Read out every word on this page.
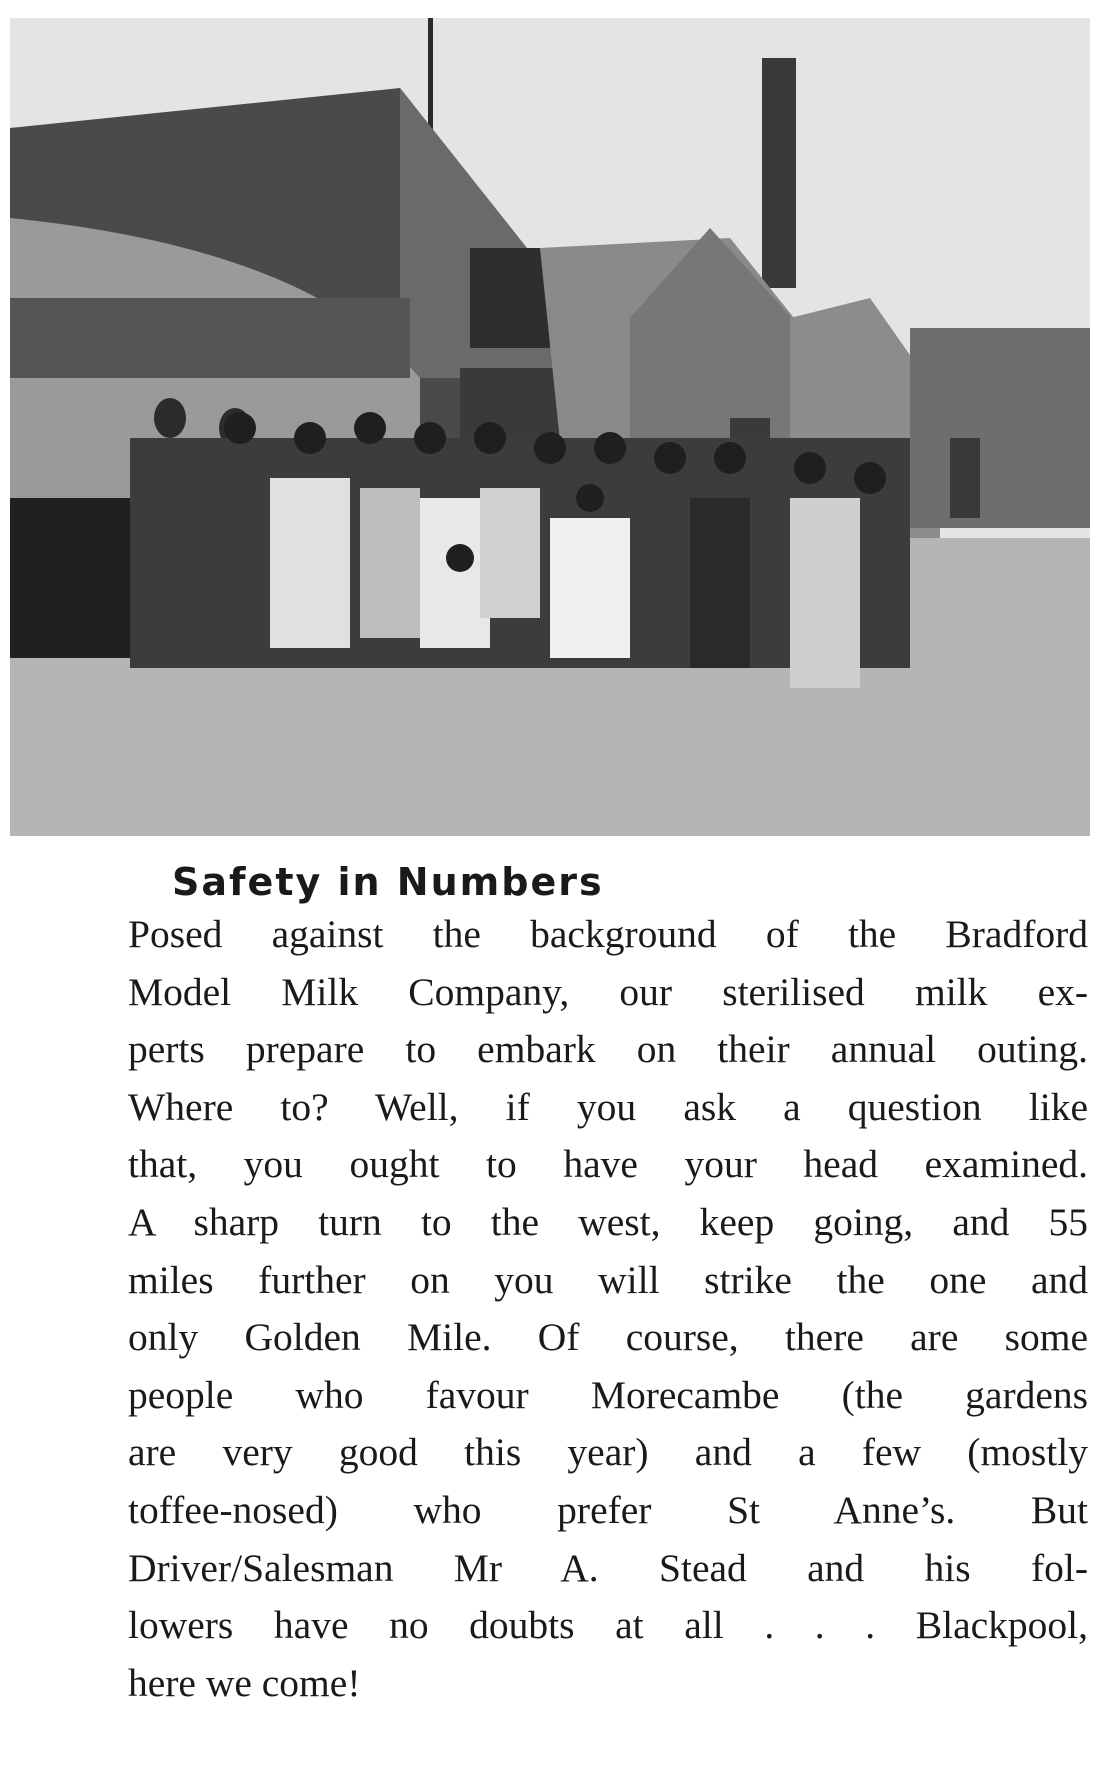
Safety in Numbers

Posed against the background of the Bradford
Model Milk Company, our sterilised milk ex-
perts prepare to embark on their annual outing.
Where to? Well, if you ask a question like
that, you ought to have your head examined.
A sharp turn to the west, keep going, and 55
miles further on you will strike the one and
only Golden Mile. Of course, there are some
people who favour Morecambe (the gardens
are very good this year) and a few (mostly
toffee-nosed) who prefer St Anne’s. But
Driver/Salesman Mr A. Stead and his fol-
lowers have no doubts at all . . . Blackpool,
here we come!
